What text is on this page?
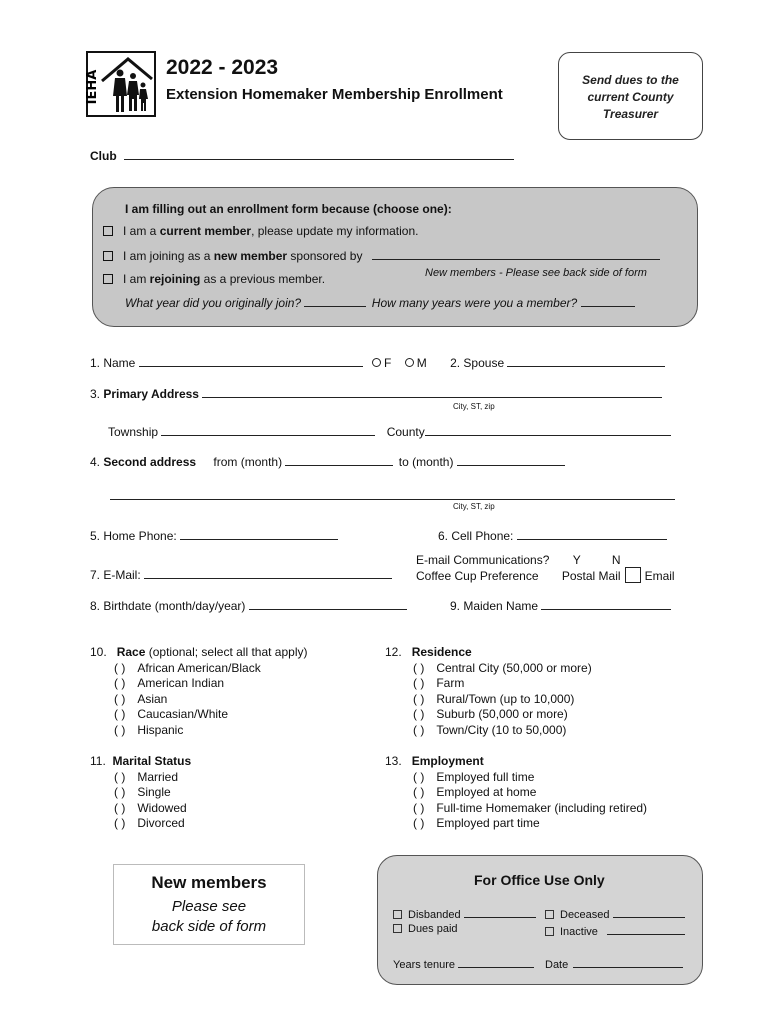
IEHA
2022 - 2023
Extension Homemaker Membership Enrollment
Send dues to the
current County
Treasurer
Club
I am filling out an enrollment form because (choose one):
I am a current member, please update my information.
I am joining as a new member sponsored by
I am rejoining as a previous member.	New members - Please see back side of form
What year did you originally join?	How many years were you a member?
1. Name	F M 2. Spouse
3. Primary Address
City, ST, zip
Township	County
4. Second address from (month)	to (month)
City, ST, zip
5. Home Phone:	6. Cell Phone:
E-mail Communications? Y	N
7. E-Mail:	Coffee Cup Preference Postal Mail Email
8. Birthdate (month/day/year)	9. Maiden Name
10. Race (optional; select all that apply)
( ) African American/Black
( ) American Indian
( ) Asian
( ) Caucasian/White
( ) Hispanic
12. Residence
( ) Central City (50,000 or more)
( ) Farm
( ) Rural/Town (up to 10,000)
( ) Suburb (50,000 or more)
( ) Town/City (10 to 50,000)
11. Marital Status
( ) Married
( ) Single
( ) Widowed
( ) Divorced
13. Employment
( ) Employed full time
( ) Employed at home
( ) Full-time Homemaker (including retired)
( ) Employed part time
New members
Please see
back side of form
For Office Use Only
Disbanded	Deceased
Dues paid	Inactive
Years tenure	Date
